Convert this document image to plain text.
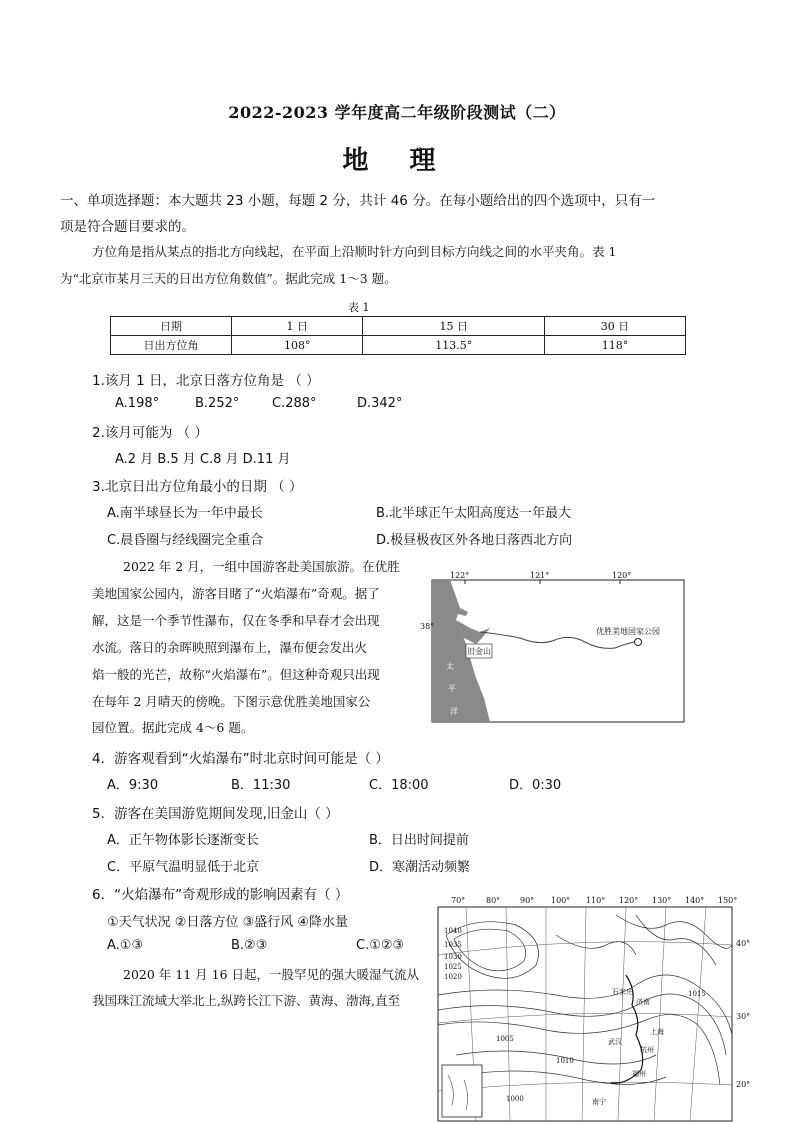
2022-2023 学年度高二年级阶段测试（二）
地 理
一、单项选择题：本大题共 23 小题，每题 2 分，共计 46 分。在每小题给出的四个选项中，只有一
项是符合题目要求的。
方位角是指从某点的指北方向线起，在平面上沿顺时针方向到目标方向线之间的水平夹角。表 1
为“北京市某月三天的日出方位角数值”。据此完成 1～3 题。
表 1
日期	1 日	15 日	30 日
日出方位角	108°	113.5°	118°
1.该月 1 日，北京日落方位角是 （ ）
A.198°	B.252°	C.288°	D.342°
2.该月可能为 （ ）
A.2 月 B.5 月 C.8 月 D.11 月
3.北京日出方位角最小的日期 （ ）
A.南半球昼长为一年中最长	B.北半球正午太阳高度达一年最大
C.晨昏圈与经线圈完全重合	D.极昼极夜区外各地日落西北方向
2022 年 2 月，一组中国游客赴美国旅游。在优胜
美地国家公园内，游客目睹了“火焰瀑布”奇观。据了
解，这是一个季节性瀑布，仅在冬季和早春才会出现
水流。落日的余晖映照到瀑布上，瀑布便会发出火
焰一般的光芒，故称“火焰瀑布”。但这种奇观只出现
在每年 2 月晴天的傍晚。下图示意优胜美地国家公
园位置。据此完成 4～6 题。
122°	121°	120°
38°
优胜美地国家公园
旧金山
太
平
洋
4．游客观看到“火焰瀑布”时北京时间可能是（ ）
A．9:30	B．11:30	C．18:00	D．0:30
5．游客在美国游览期间发现,旧金山（ ）
A．正午物体影长逐渐变长	B．日出时间提前
C．平原气温明显低于北京	D．寒潮活动频繁
6．“火焰瀑布”奇观形成的影响因素有（ ）
①天气状况 ②日落方位 ③盛行风 ④降水量
A.①③	B.②③	C.①②③
2020 年 11 月 16 日起，一股罕见的强大暖湿气流从
我国珠江流域大举北上,纵跨长江下游、黄海、渤海,直至
70°	80° 90° 100° 110° 120° 130° 140° 150°
40°
30°
20°
1040
1035
1030
1025
1020
1015
1010
1005
1000
石家庄
济南
上海
武汉
杭州
福州
南宁
